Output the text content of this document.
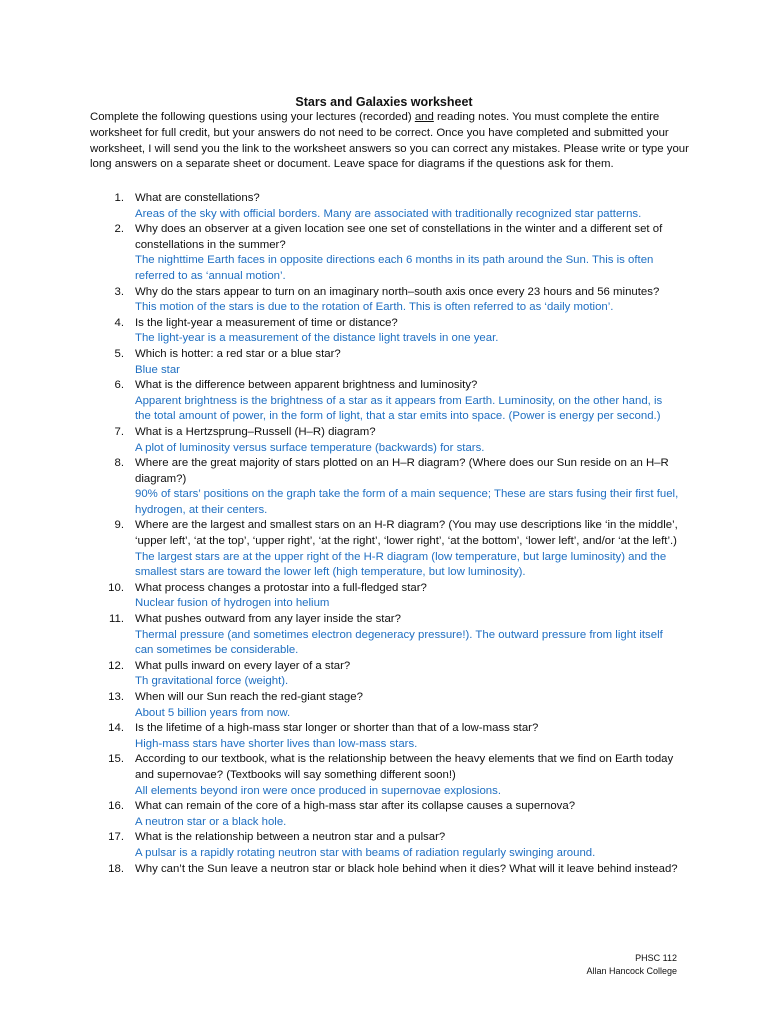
Stars and Galaxies worksheet
Complete the following questions using your lectures (recorded) and reading notes. You must complete the entire worksheet for full credit, but your answers do not need to be correct. Once you have completed and submitted your worksheet, I will send you the link to the worksheet answers so you can correct any mistakes. Please write or type your long answers on a separate sheet or document. Leave space for diagrams if the questions ask for them.
1. What are constellations?
Areas of the sky with official borders. Many are associated with traditionally recognized star patterns.
2. Why does an observer at a given location see one set of constellations in the winter and a different set of constellations in the summer?
The nighttime Earth faces in opposite directions each 6 months in its path around the Sun. This is often referred to as ‘annual motion’.
3. Why do the stars appear to turn on an imaginary north–south axis once every 23 hours and 56 minutes?
This motion of the stars is due to the rotation of Earth. This is often referred to as ‘daily motion’.
4. Is the light-year a measurement of time or distance?
The light-year is a measurement of the distance light travels in one year.
5. Which is hotter: a red star or a blue star?
Blue star
6. What is the difference between apparent brightness and luminosity?
Apparent brightness is the brightness of a star as it appears from Earth. Luminosity, on the other hand, is the total amount of power, in the form of light, that a star emits into space. (Power is energy per second.)
7. What is a Hertzsprung–Russell (H–R) diagram?
A plot of luminosity versus surface temperature (backwards) for stars.
8. Where are the great majority of stars plotted on an H–R diagram? (Where does our Sun reside on an H–R diagram?)
90% of stars’ positions on the graph take the form of a main sequence; These are stars fusing their first fuel, hydrogen, at their centers.
9. Where are the largest and smallest stars on an H-R diagram? (You may use descriptions like ‘in the middle’, ‘upper left’, ‘at the top’, ‘upper right’, ‘at the right’, ‘lower right’, ‘at the bottom’, ‘lower left’, and/or ‘at the left’.)
The largest stars are at the upper right of the H-R diagram (low temperature, but large luminosity) and the smallest stars are toward the lower left (high temperature, but low luminosity).
10. What process changes a protostar into a full-fledged star?
Nuclear fusion of hydrogen into helium
11. What pushes outward from any layer inside the star?
Thermal pressure (and sometimes electron degeneracy pressure!). The outward pressure from light itself can sometimes be considerable.
12. What pulls inward on every layer of a star?
Th gravitational force (weight).
13. When will our Sun reach the red-giant stage?
About 5 billion years from now.
14. Is the lifetime of a high-mass star longer or shorter than that of a low-mass star?
High-mass stars have shorter lives than low-mass stars.
15. According to our textbook, what is the relationship between the heavy elements that we find on Earth today and supernovae? (Textbooks will say something different soon!)
All elements beyond iron were once produced in supernovae explosions.
16. What can remain of the core of a high-mass star after its collapse causes a supernova?
A neutron star or a black hole.
17. What is the relationship between a neutron star and a pulsar?
A pulsar is a rapidly rotating neutron star with beams of radiation regularly swinging around.
18. Why can’t the Sun leave a neutron star or black hole behind when it dies? What will it leave behind instead?
PHSC 112
Allan Hancock College
